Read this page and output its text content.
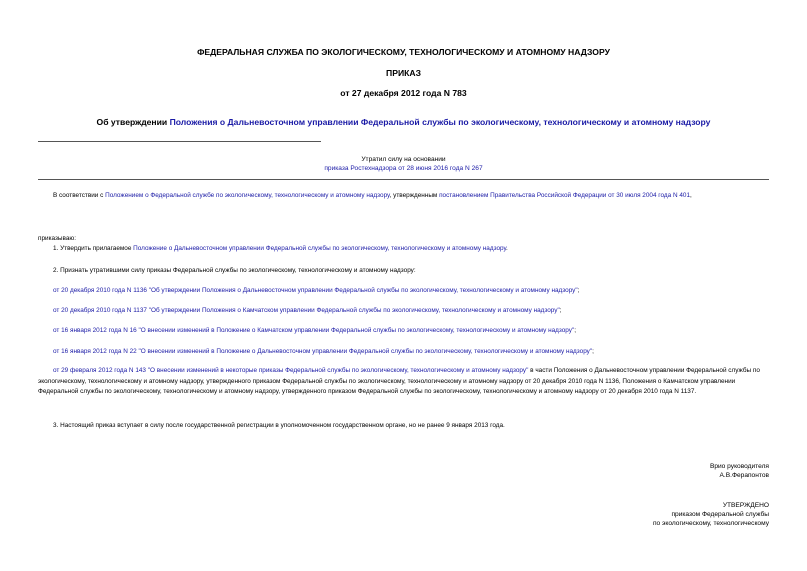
ФЕДЕРАЛЬНАЯ СЛУЖБА ПО ЭКОЛОГИЧЕСКОМУ, ТЕХНОЛОГИЧЕСКОМУ И АТОМНОМУ НАДЗОРУ
ПРИКАЗ
от 27 декабря 2012 года N 783
Об утверждении Положения о Дальневосточном управлении Федеральной службы по экологическому, технологическому и атомному надзору
Утратил силу на основании
приказа Ростехнадзора от 28 июня 2016 года N 267
В соответствии с Положением о Федеральной службе по экологическому, технологическому и атомному надзору, утвержденным постановлением Правительства Российской Федерации от 30 июля 2004 года N 401,
приказываю:
1. Утвердить прилагаемое Положение о Дальневосточном управлении Федеральной службы по экологическому, технологическому и атомному надзору.
2. Признать утратившими силу приказы Федеральной службы по экологическому, технологическому и атомному надзору:
от 20 декабря 2010 года N 1136 "Об утверждении Положения о Дальневосточном управлении Федеральной службы по экологическому, технологическому и атомному надзору";
от 20 декабря 2010 года N 1137 "Об утверждении Положения о Камчатском управлении Федеральной службы по экологическому, технологическому и атомному надзору";
от 16 января 2012 года N 16 "О внесении изменений в Положение о Камчатском управлении Федеральной службы по экологическому, технологическому и атомному надзору";
от 16 января 2012 года N 22 "О внесении изменений в Положение о Дальневосточном управлении Федеральной службы по экологическому, технологическому и атомному надзору";
от 29 февраля 2012 года N 143 "О внесении изменений в некоторые приказы Федеральной службы по экологическому, технологическому и атомному надзору" в части Положения о Дальневосточном управлении Федеральной службы по экологическому, технологическому и атомному надзору, утвержденного приказом Федеральной службы по экологическому, технологическому и атомному надзору от 20 декабря 2010 года N 1136, Положения о Камчатском управлении Федеральной службы по экологическому, технологическому и атомному надзору, утвержденного приказом Федеральной службы по экологическому, технологическому и атомному надзору от 20 декабря 2010 года N 1137.
3. Настоящий приказ вступает в силу после государственной регистрации в уполномоченном государственном органе, но не ранее 9 января 2013 года.
Врио руководителя
А.В.Ферапонтов
УТВЕРЖДЕНО
приказом Федеральной службы
по экологическому, технологическому
